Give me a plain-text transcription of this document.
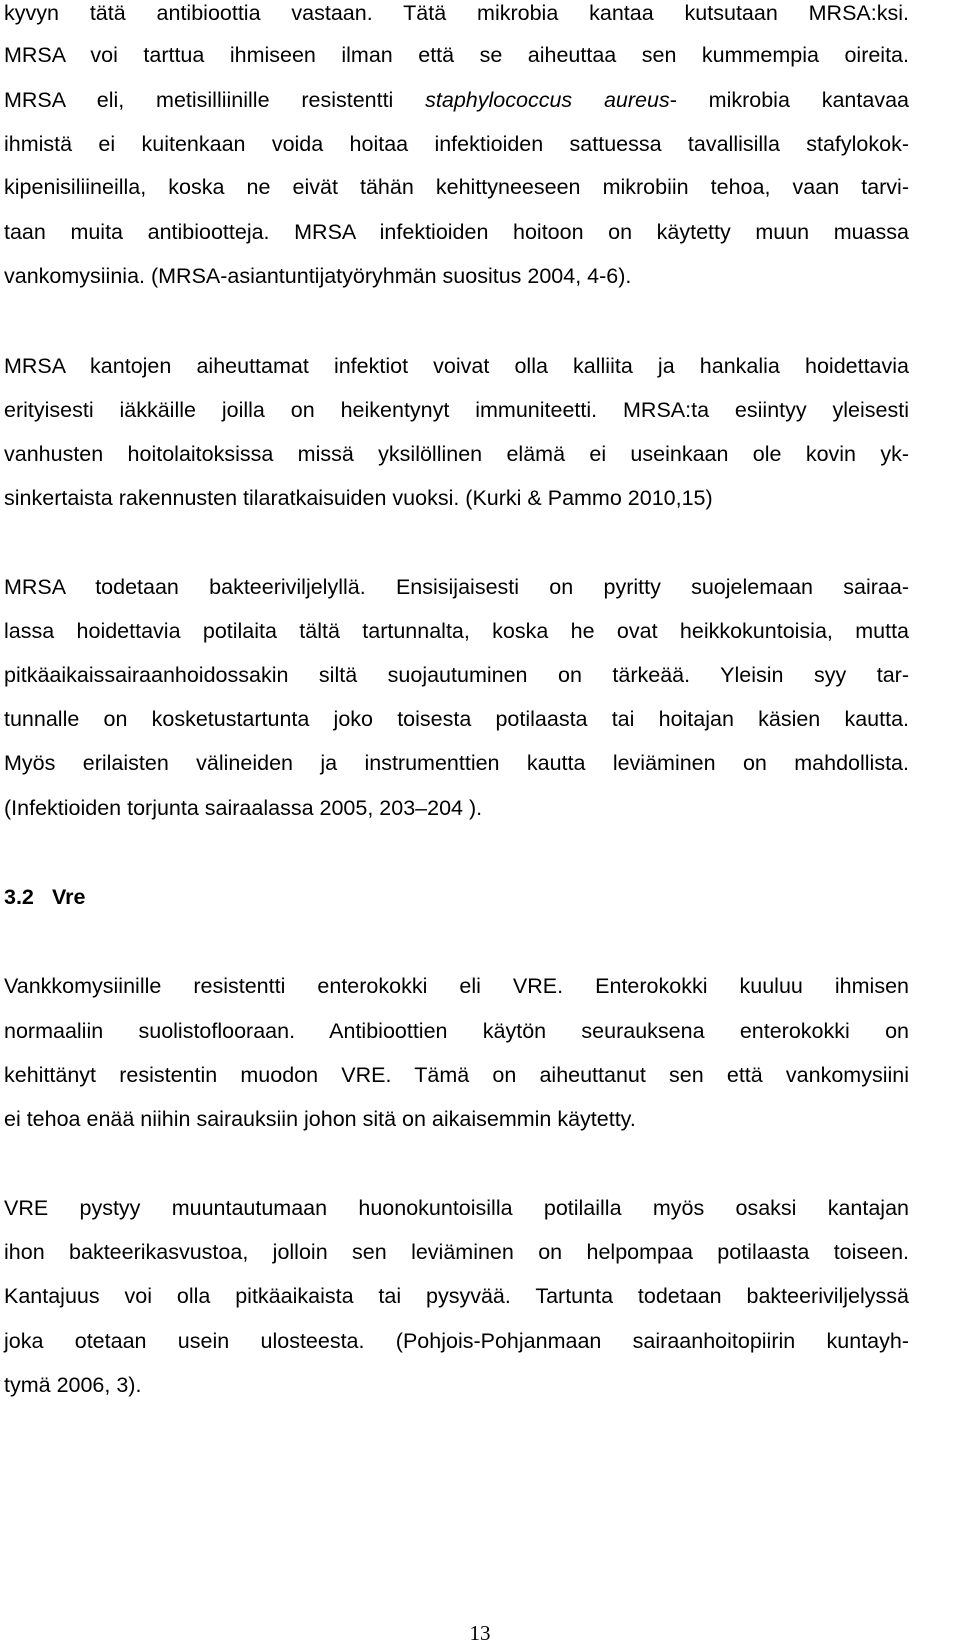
kyvyn tätä antibioottia vastaan. Tätä mikrobia kantaa kutsutaan MRSA:ksi.
MRSA voi tarttua ihmiseen ilman että se aiheuttaa sen kummempia oireita.
MRSA eli, metisilliinille resistentti staphylococcus aureus- mikrobia kantavaa
ihmistä ei kuitenkaan voida hoitaa infektioiden sattuessa tavallisilla stafylokok-
kipenisiliineilla, koska ne eivät tähän kehittyneeseen mikrobiin tehoa, vaan tarvi-
taan muita antibiootteja. MRSA infektioiden hoitoon on käytetty muun muassa
vankomysiinia. (MRSA-asiantuntijatyöryhmän suositus 2004, 4-6).
MRSA kantojen aiheuttamat infektiot voivat olla kalliita ja hankalia hoidettavia
erityisesti iäkkäille joilla on heikentynyt immuniteetti. MRSA:ta esiintyy yleisesti
vanhusten hoitolaitoksissa missä yksilöllinen elämä ei useinkaan ole kovin yk-
sinkertaista rakennusten tilaratkaisuiden vuoksi. (Kurki & Pammo 2010,15)
MRSA todetaan bakteeriviljelyllä. Ensisijaisesti on pyritty suojelemaan sairaa-
lassa hoidettavia potilaita tältä tartunnalta, koska he ovat heikkokuntoisia, mutta
pitkäaikaissairaanhoidossakin siltä suojautuminen on tärkeää. Yleisin syy tar-
tunnalle on kosketustartunta joko toisesta potilaasta tai hoitajan käsien kautta.
Myös erilaisten välineiden ja instrumenttien kautta leviäminen on mahdollista.
(Infektioiden torjunta sairaalassa 2005, 203–204 ).
3.2 Vre
Vankkomysiinille resistentti enterokokki eli VRE. Enterokokki kuuluu ihmisen
normaaliin suolistoflooraan. Antibioottien käytön seurauksena enterokokki on
kehittänyt resistentin muodon VRE. Tämä on aiheuttanut sen että vankomysiini
ei tehoa enää niihin sairauksiin johon sitä on aikaisemmin käytetty.
VRE pystyy muuntautumaan huonokuntoisilla potilailla myös osaksi kantajan
ihon bakteerikasvustoa, jolloin sen leviäminen on helpompaa potilaasta toiseen.
Kantajuus voi olla pitkäaikaista tai pysyvää. Tartunta todetaan bakteeriviljelyssä
joka otetaan usein ulosteesta. (Pohjois-Pohjanmaan sairaanhoitopiirin kuntayh-
tymä 2006, 3).
13
